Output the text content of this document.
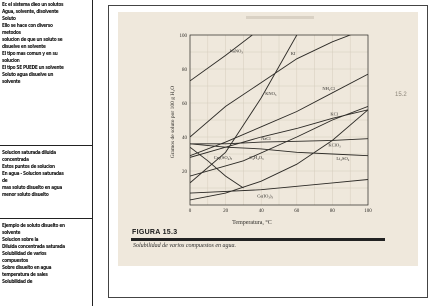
Ec el sistema dieo un solutos
Agua, solvente, disolvente
Soluto
Ello se hace con diverso metodos
solucion de que un soluto se
disuelve en solvente
El tipo mas comun y en su solucion
El tipo SE PUEDE un solvente
Soluto agua disuelve un solvente
Solucion saturada diluida concentrada
Estos puntos de solucion
En agua - Solucion saturadas de
mas soluto disuelto en agua
menor soluto disuelto
Ejemplo de soluto disuelto en solvente
Solucion sobre la
Diluida concentrada saturada
Solubilidad de varios compuestos
Sobre disuelto en agua
temperatura de sales
Solubilidad de
15.2
Ce₂(SO₄)₃
KI
KNO₃
NH₄Cl
KCl
NaCl
Li₂SO₄
KClO₃
Ce(IO₃)₃
C₄H₄O₃
NaNO₃
0	20	40	60	80	100
20
40
60
80
100
Temperatura, °C
Gramos de soluto por 100 g H₂O
FIGURA 15.3
Solubilidad de varios compuestos en agua.
